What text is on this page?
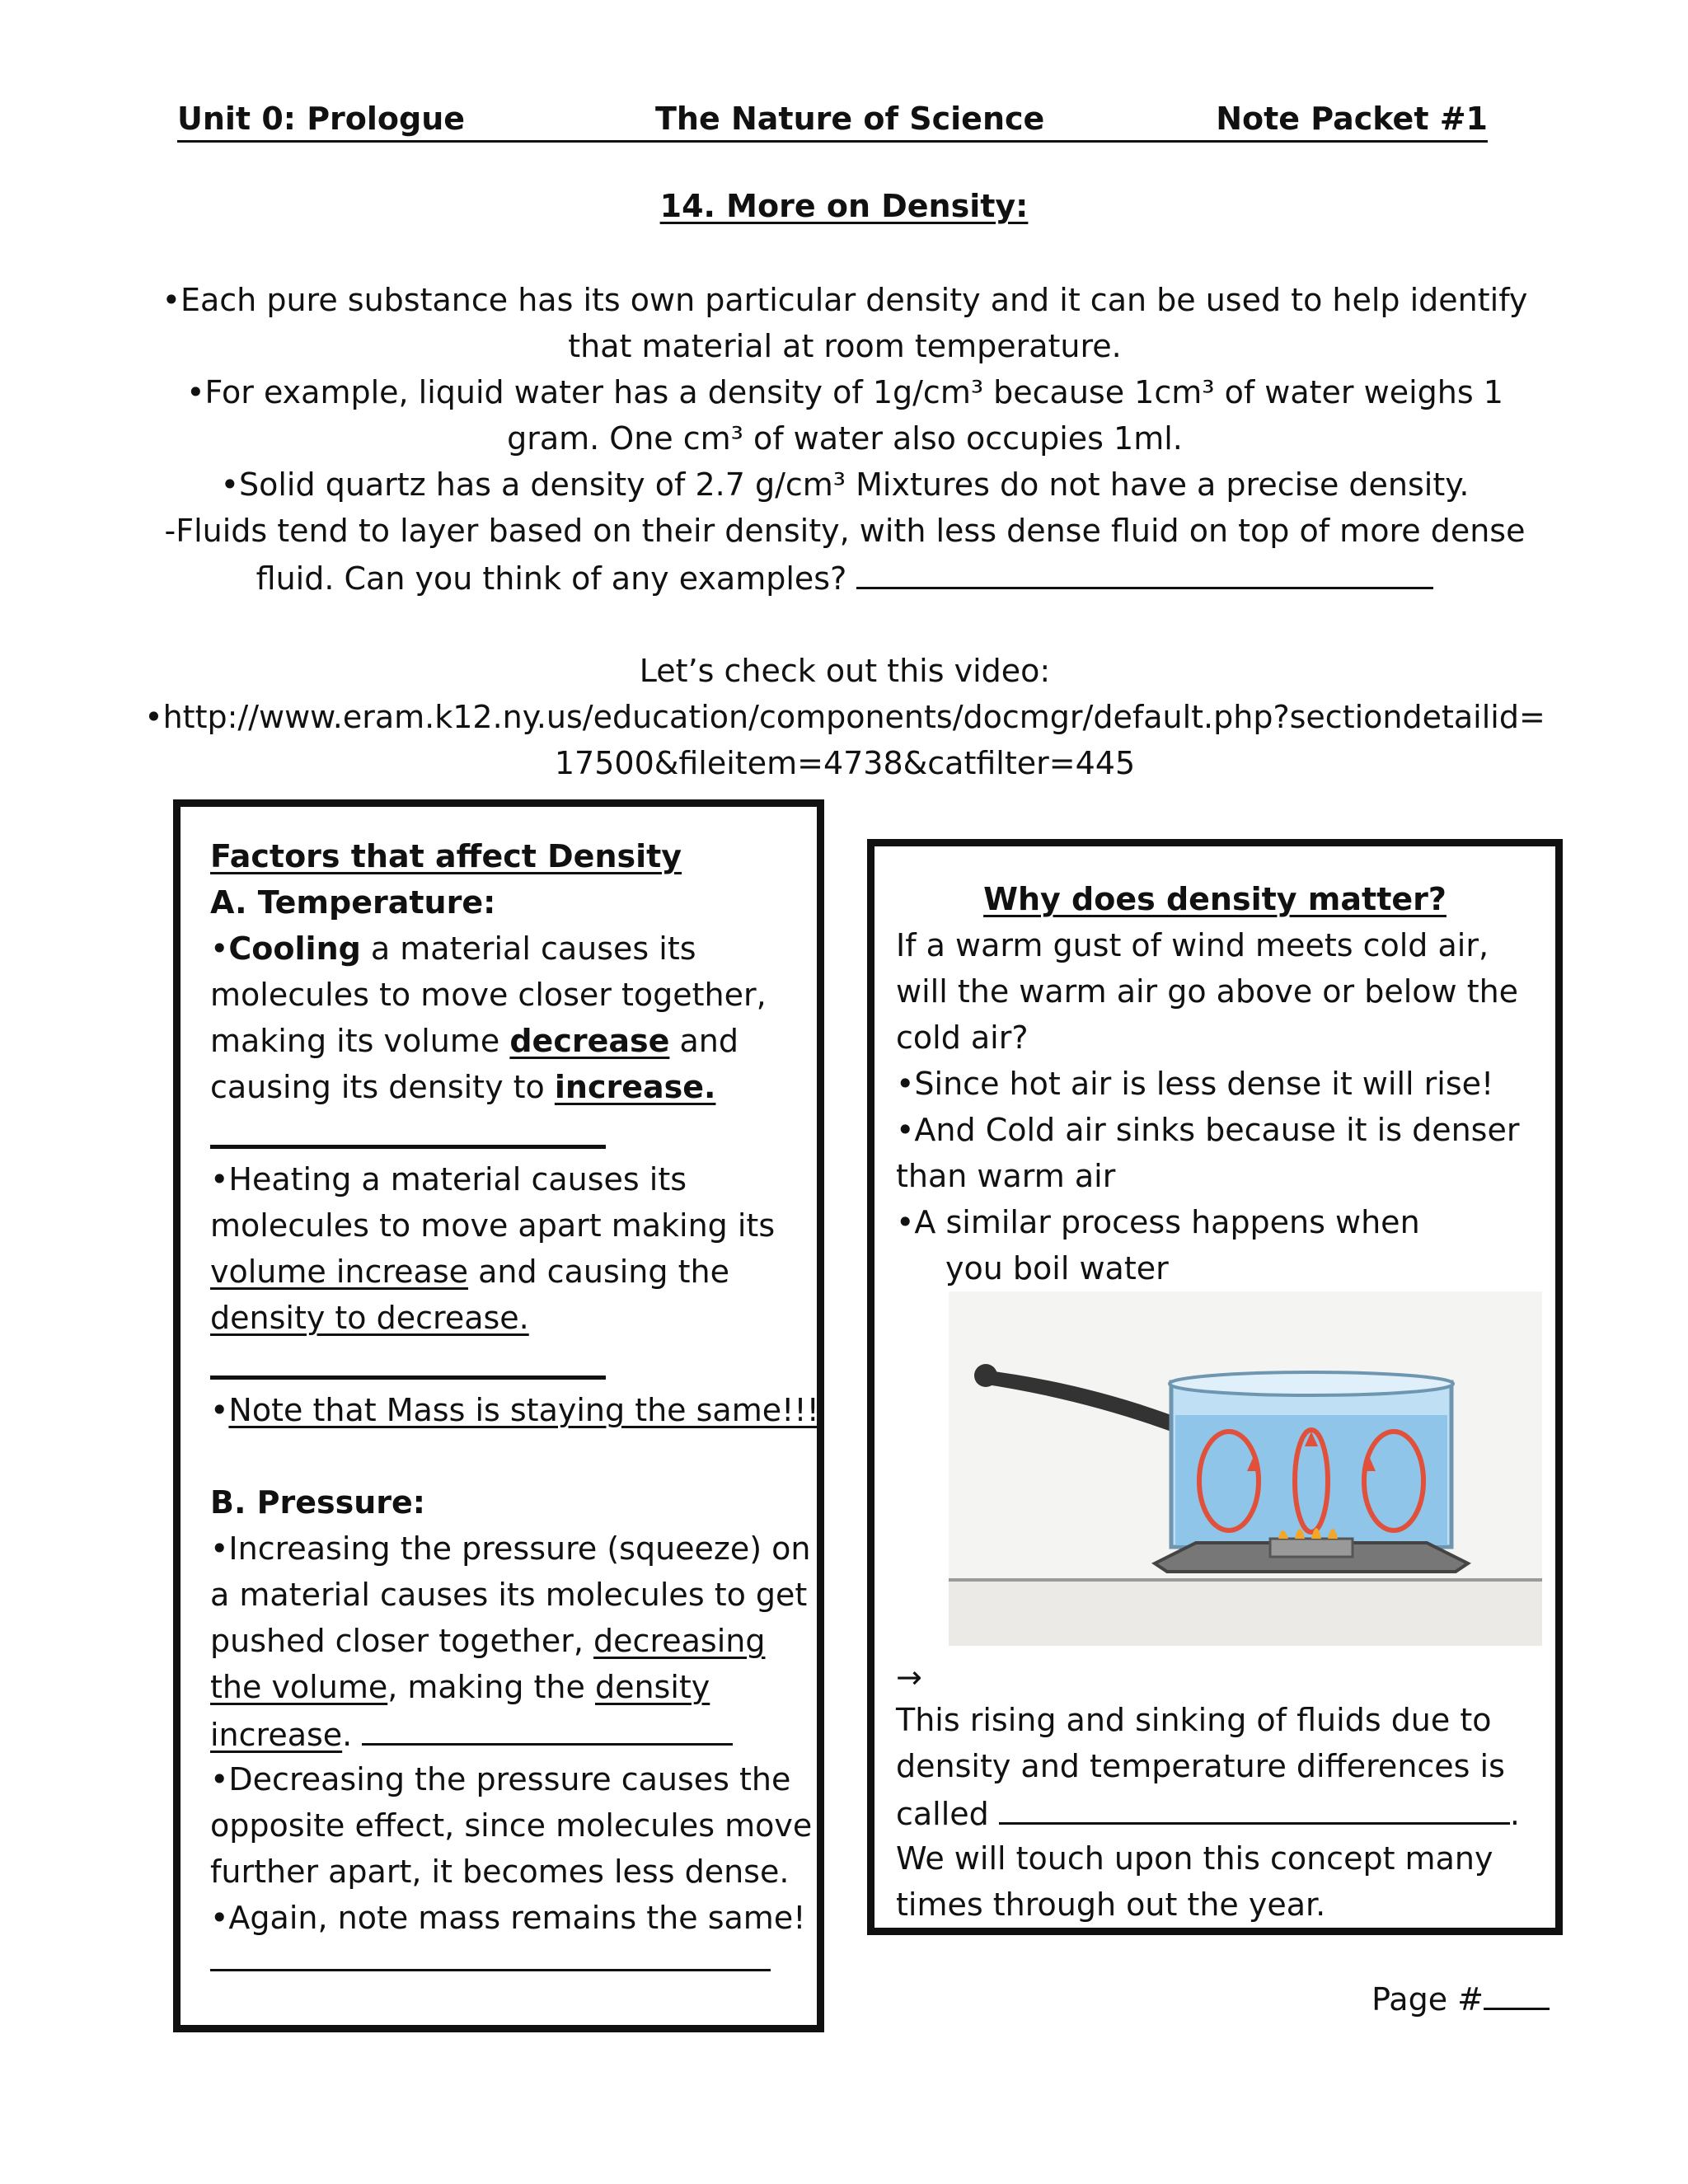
Unit 0: Prologue	The Nature of Science	Note Packet #1
14. More on Density:
•Each pure substance has its own particular density and it can be used to help identify
that material at room temperature.
•For example, liquid water has a density of 1g/cm³ because 1cm³ of water weighs 1
gram. One cm³ of water also occupies 1ml.
•Solid quartz has a density of 2.7 g/cm³ Mixtures do not have a precise density.
-Fluids tend to layer based on their density, with less dense fluid on top of more dense
fluid. Can you think of any examples?
Let’s check out this video:
•http://www.eram.k12.ny.us/education/components/docmgr/default.php?sectiondetailid=
17500&fileitem=4738&catfilter=445
Factors that affect Density
A. Temperature:
•Cooling a material causes its
molecules to move closer together,
making its volume decrease and
causing its density to increase.
•Heating a material causes its
molecules to move apart making its
volume increase and causing the
density to decrease.
•Note that Mass is staying the same!!!
B. Pressure:
•Increasing the pressure (squeeze) on
a material causes its molecules to get
pushed closer together, decreasing
the volume, making the density
increase.
•Decreasing the pressure causes the
opposite effect, since molecules move
further apart, it becomes less dense.
•Again, note mass remains the same!
Why does density matter?
If a warm gust of wind meets cold air,
will the warm air go above or below the
cold air?
•Since hot air is less dense it will rise!
•And Cold air sinks because it is denser
than warm air
•A similar process happens when
you boil water
→
This rising and sinking of fluids due to
density and temperature differences is
called	.
We will touch upon this concept many
times through out the year.
Page #
